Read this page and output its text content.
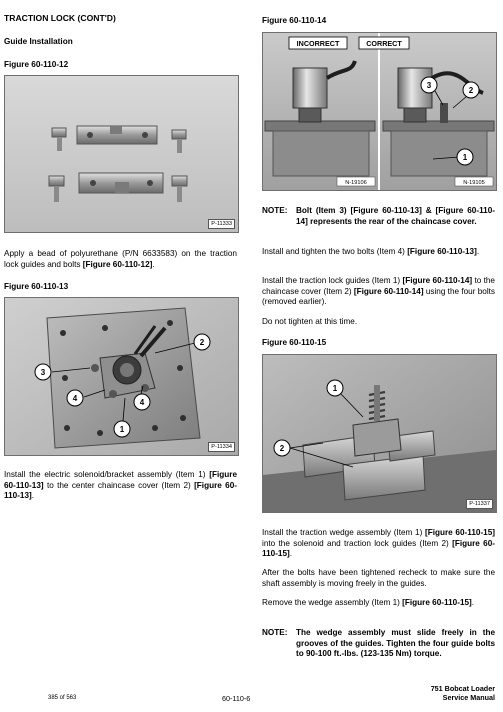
TRACTION LOCK (CONT'D)
Guide Installation
Figure 60-110-12
P-11333
Apply a bead of polyurethane (P/N 6633583) on the traction lock guides and bolts [Figure 60-110-12].
Figure 60-110-13
3
2
4	4
1
P-11334
Install the electric solenoid/bracket assembly (Item 1) [Figure 60-110-13] to the center chaincase cover (Item 2) [Figure 60-110-13].
Figure 60-110-14
INCORRECT	CORRECT
3
2
1
N-19106	N-19105
NOTE:	Bolt (Item 3) [Figure 60-110-13] & [Figure 60-110-14] represents the rear of the chaincase cover.
Install and tighten the two bolts (Item 4) [Figure 60-110-13].
Install the traction lock guides (Item 1) [Figure 60-110-14] to the chaincase cover (Item 2) [Figure 60-110-14] using the four bolts (removed earlier).
Do not tighten at this time.
Figure 60-110-15
1
2
P-11337
Install the traction wedge assembly (Item 1) [Figure 60-110-15] into the solenoid and traction lock guides (Item 2) [Figure 60-110-15].
After the bolts have been tightened recheck to make sure the shaft assembly is moving freely in the guides.
Remove the wedge assembly (Item 1) [Figure 60-110-15].
NOTE:	The wedge assembly must slide freely in the grooves of the guides. Tighten the four guide bolts to 90-100 ft.-lbs. (123-135 Nm) torque.
385 of 563	60-110-6
751 Bobcat Loader
Service Manual
